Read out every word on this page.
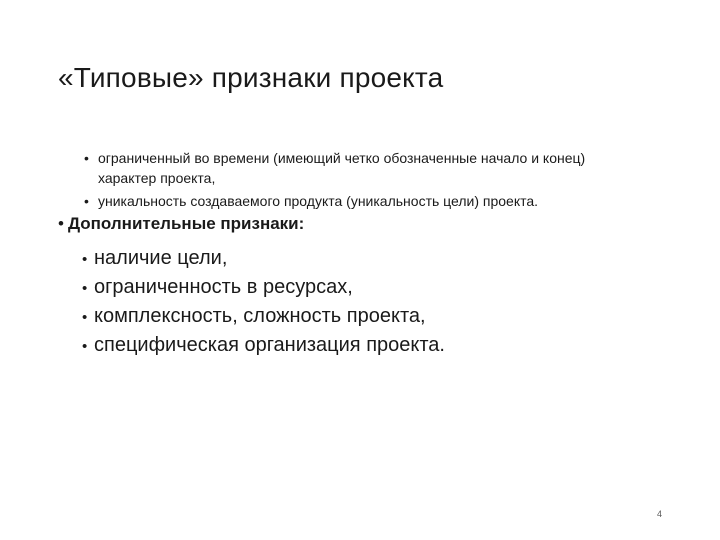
«Типовые» признаки проекта
• ограниченный во времени (имеющий четко обозначенные начало и конец) характер проекта,
• уникальность создаваемого продукта (уникальность цели) проекта.
• Дополнительные признаки:
• наличие цели,
• ограниченность в ресурсах,
• комплексность, сложность проекта,
• специфическая организация проекта.
4
